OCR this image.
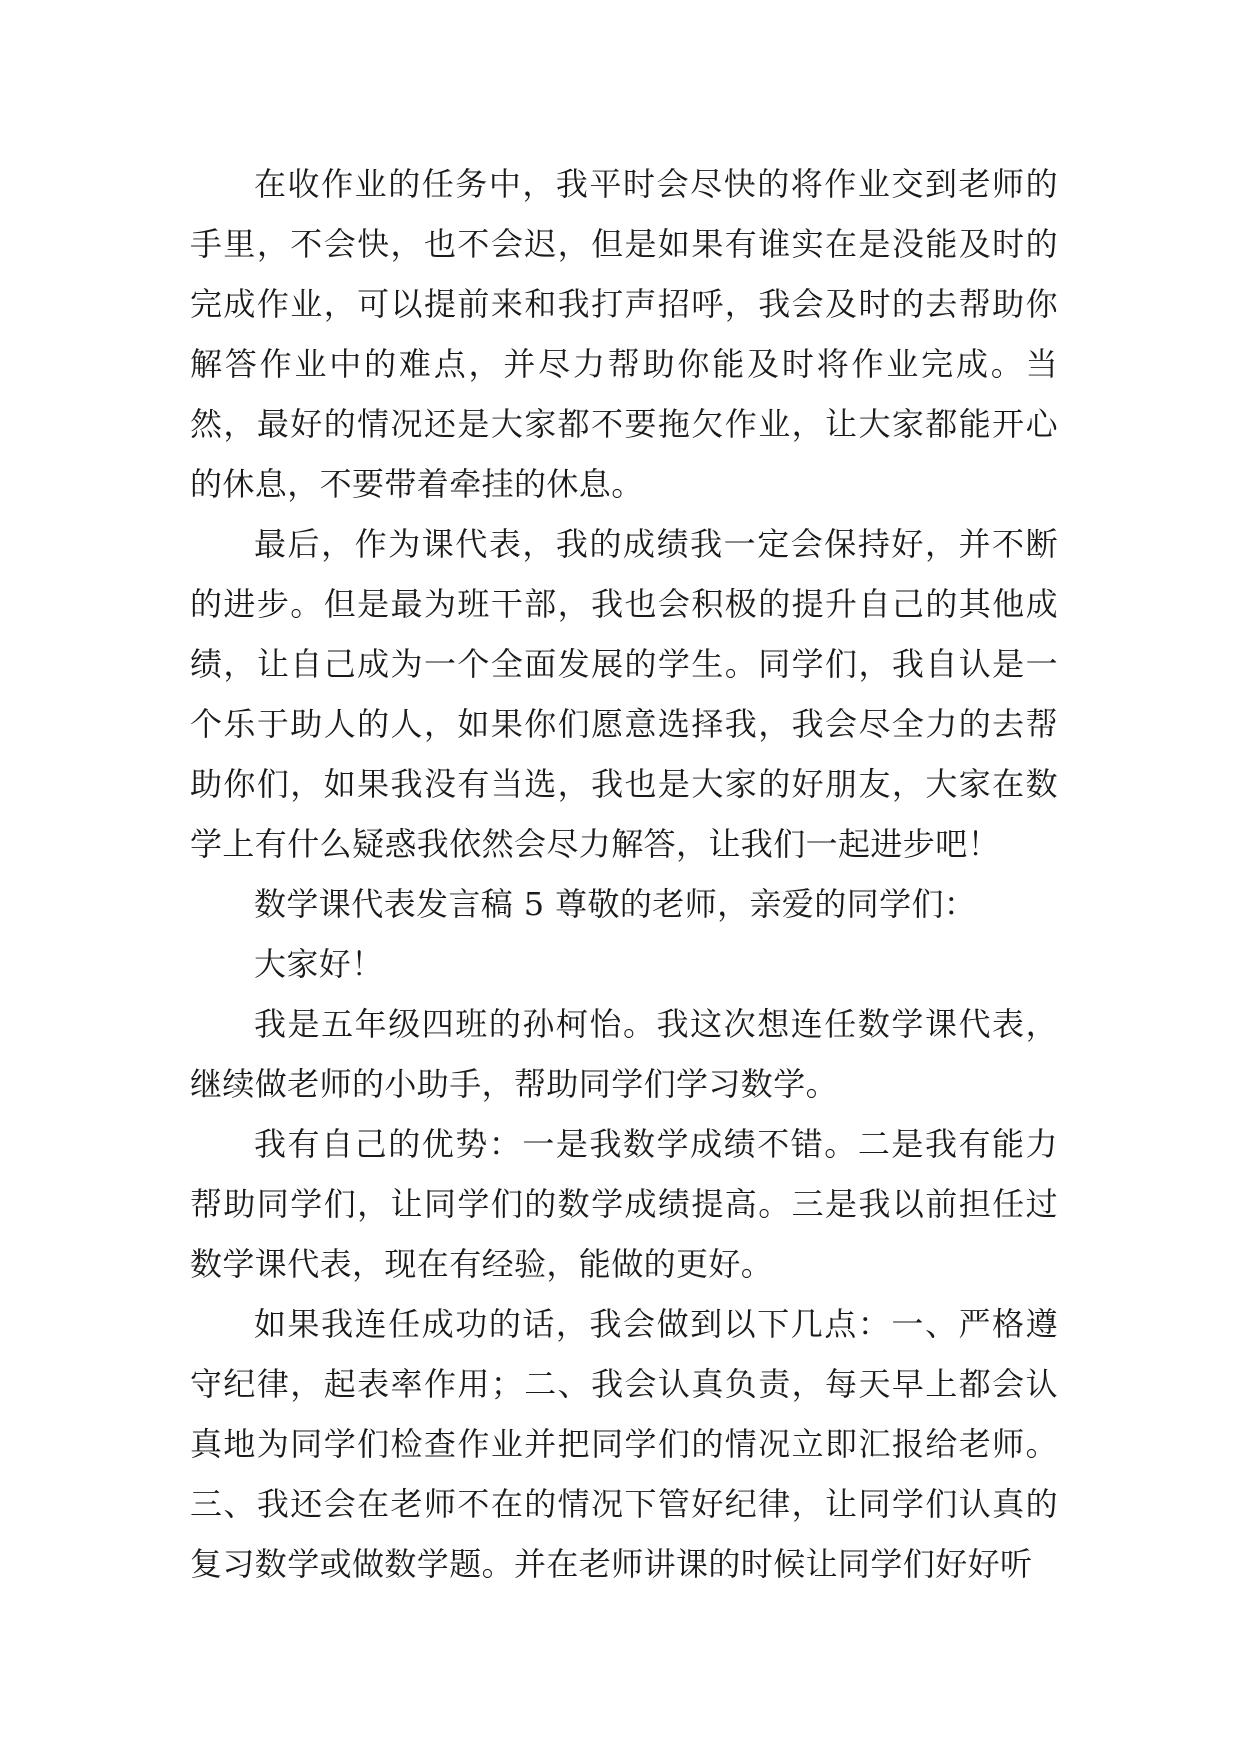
在收作业的任务中，我平时会尽快的将作业交到老师的手里，不会快，也不会迟，但是如果有谁实在是没能及时的完成作业，可以提前来和我打声招呼，我会及时的去帮助你解答作业中的难点，并尽力帮助你能及时将作业完成。当然，最好的情况还是大家都不要拖欠作业，让大家都能开心的休息，不要带着牵挂的休息。

最后，作为课代表，我的成绩我一定会保持好，并不断的进步。但是最为班干部，我也会积极的提升自己的其他成绩，让自己成为一个全面发展的学生。同学们，我自认是一个乐于助人的人，如果你们愿意选择我，我会尽全力的去帮助你们，如果我没有当选，我也是大家的好朋友，大家在数学上有什么疑惑我依然会尽力解答，让我们一起进步吧！

数学课代表发言稿 5 尊敬的老师，亲爱的同学们：

大家好！

我是五年级四班的孙柯怡。我这次想连任数学课代表，继续做老师的小助手，帮助同学们学习数学。

我有自己的优势：一是我数学成绩不错。二是我有能力帮助同学们，让同学们的数学成绩提高。三是我以前担任过数学课代表，现在有经验，能做的更好。

如果我连任成功的话，我会做到以下几点：一、严格遵守纪律，起表率作用；二、我会认真负责，每天早上都会认真地为同学们检查作业并把同学们的情况立即汇报给老师。三、我还会在老师不在的情况下管好纪律，让同学们认真的复习数学或做数学题。并在老师讲课的时候让同学们好好听
